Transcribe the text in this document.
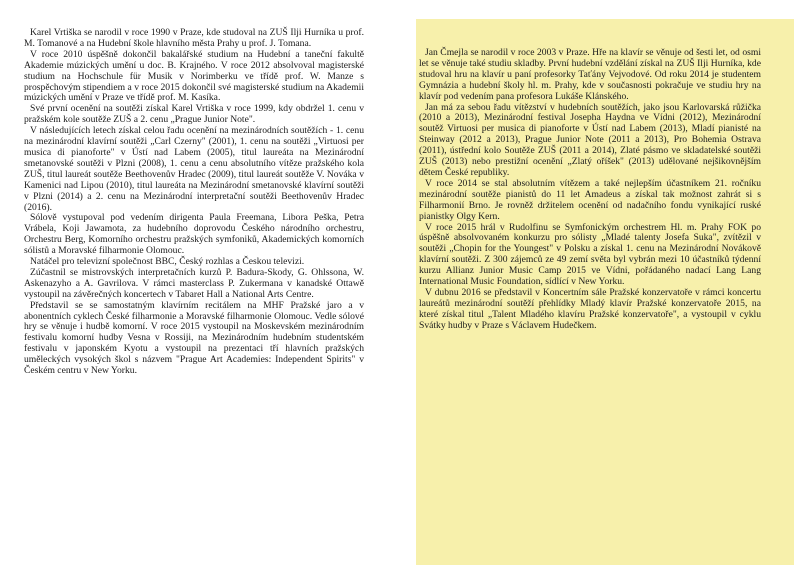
Karel Vrtiška se narodil v roce 1990 v Praze, kde studoval na ZUŠ Ilji Hurníka u prof. M. Tomanové a na Hudební škole hlavního města Prahy u prof. J. Tomana.

V roce 2010 úspěšně dokončil bakalářské studium na Hudební a taneční fakultě Akademie múzických umění u doc. B. Krajného. V roce 2012 absolvoval magisterské studium na Hochschule für Musik v Norimberku ve třídě prof. W. Manze s prospěchovým stipendiem a v roce 2015 dokončil své magisterské studium na Akademii múzických umění v Praze ve třídě prof. M. Kasíka.

Své první ocenění na soutěži získal Karel Vrtiška v roce 1999, kdy obdržel 1. cenu v pražském kole soutěže ZUŠ a 2. cenu „Prague Junior Note".

V následujících letech získal celou řadu ocenění na mezinárodních soutěžích - 1. cenu na mezinárodní klavírní soutěži „Carl Czerny" (2001), 1. cenu na soutěži „Virtuosi per musica di pianoforte" v Ústí nad Labem (2005), titul laureáta na Mezinárodní smetanovské soutěži v Plzni (2008), 1. cenu a cenu absolutního vítěze pražského kola ZUŠ, titul laureát soutěže Beethovenův Hradec (2009), titul laureát soutěže V. Nováka v Kamenici nad Lipou (2010), titul laureáta na Mezinárodní smetanovské klavírní soutěži v Plzni (2014) a 2. cenu na Mezinárodní interpretační soutěži Beethovenův Hradec (2016).

Sólově vystupoval pod vedením dirigenta Paula Freemana, Libora Peška, Petra Vrábela, Koji Jawamota, za hudebního doprovodu Českého národního orchestru, Orchestru Berg, Komorního orchestru pražských symfoniků, Akademických komorních sólistů a Moravské filharmonie Olomouc.

Natáčel pro televizní společnost BBC, Český rozhlas a Českou televizi.

Zúčastnil se mistrovských interpretačních kurzů P. Badura-Skody, G. Ohlssona, W. Askenazyho a A. Gavrilova. V rámci masterclass P. Zukermana v kanadské Ottawě vystoupil na závěrečných koncertech v Tabaret Hall a National Arts Centre.

Představil se se samostatným klavírním recitálem na MHF Pražské jaro a v abonentních cyklech České filharmonie a Moravské filharmonie Olomouc. Vedle sólové hry se věnuje i hudbě komorní. V roce 2015 vystoupil na Moskevském mezinárodním festivalu komorní hudby Vesna v Rossiji, na Mezinárodním hudebním studentském festivalu v japonském Kyotu a vystoupil na prezentaci tří hlavních pražských uměleckých vysokých škol s názvem "Prague Art Academies: Independent Spirits" v Českém centru v New Yorku.

Jan Čmejla se narodil v roce 2003 v Praze. Hře na klavír se věnuje od šesti let, od osmi let se věnuje také studiu skladby. První hudební vzdělání získal na ZUŠ Ilji Hurníka, kde studoval hru na klavír u paní profesorky Taťány Vejvodové. Od roku 2014 je studentem Gymnázia a hudební školy hl. m. Prahy, kde v současnosti pokračuje ve studiu hry na klavír pod vedením pana profesora Lukáše Klánského.

Jan má za sebou řadu vítězství v hudebních soutěžích, jako jsou Karlovarská růžička (2010 a 2013), Mezinárodní festival Josepha Haydna ve Vídni (2012), Mezinárodní soutěž Virtuosi per musica di pianoforte v Ústí nad Labem (2013), Mladí pianisté na Steinway (2012 a 2013), Prague Junior Note (2011 a 2013), Pro Bohemia Ostrava (2011), ústřední kolo Soutěže ZUŠ (2011 a 2014), Zlaté pásmo ve skladatelské soutěži ZUŠ (2013) nebo prestižní ocenění „Zlatý oříšek" (2013) udělované nejšikovnějším dětem České republiky.

V roce 2014 se stal absolutním vítězem a také nejlepším účastníkem 21. ročníku mezinárodní soutěže pianistů do 11 let Amadeus a získal tak možnost zahrát si s Filharmonií Brno. Je rovněž držitelem ocenění od nadačního fondu vynikající ruské pianistky Olgy Kern.

V roce 2015 hrál v Rudolfinu se Symfonickým orchestrem Hl. m. Prahy FOK po úspěšně absolvovaném konkurzu pro sólisty „Mladé talenty Josefa Suka", zvítězil v soutěži „Chopin for the Youngest" v Polsku a získal 1. cenu na Mezinárodní Novákově klavírní soutěži. Z 300 zájemců ze 49 zemí světa byl vybrán mezi 10 účastníků týdenní kurzu Allianz Junior Music Camp 2015 ve Vídni, pořádaného nadací Lang Lang International Music Foundation, sídlící v New Yorku.

V dubnu 2016 se představil v Koncertním sále Pražské konzervatoře v rámci koncertu laureátů mezinárodní soutěží přehlídky Mladý klavír Pražské konzervatoře 2015, na které získal titul „Talent Mladého klavíru Pražské konzervatoře", a vystoupil v cyklu Svátky hudby v Praze s Václavem Hudečkem.
